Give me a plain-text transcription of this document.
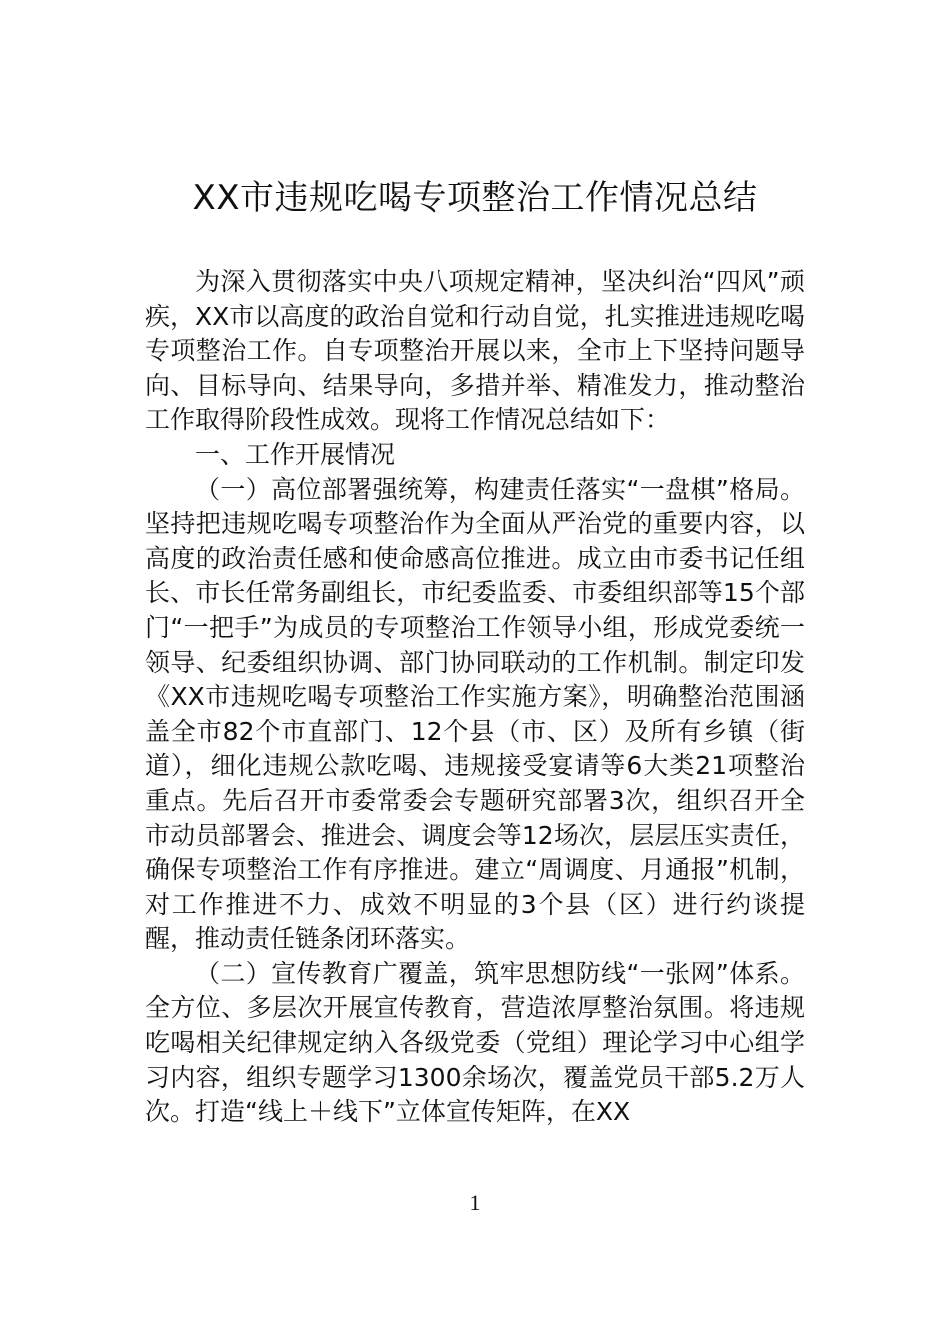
XX市违规吃喝专项整治工作情况总结

为深入贯彻落实中央八项规定精神，坚决纠治“四风”顽疾，XX市以高度的政治自觉和行动自觉，扎实推进违规吃喝专项整治工作。自专项整治开展以来，全市上下坚持问题导向、目标导向、结果导向，多措并举、精准发力，推动整治工作取得阶段性成效。现将工作情况总结如下：

一、工作开展情况

（一）高位部署强统筹，构建责任落实“一盘棋”格局。坚持把违规吃喝专项整治作为全面从严治党的重要内容，以高度的政治责任感和使命感高位推进。成立由市委书记任组长、市长任常务副组长，市纪委监委、市委组织部等15个部门“一把手”为成员的专项整治工作领导小组，形成党委统一领导、纪委组织协调、部门协同联动的工作机制。制定印发《XX市违规吃喝专项整治工作实施方案》，明确整治范围涵盖全市82个市直部门、12个县（市、区）及所有乡镇（街道），细化违规公款吃喝、违规接受宴请等6大类21项整治重点。先后召开市委常委会专题研究部署3次，组织召开全市动员部署会、推进会、调度会等12场次，层层压实责任，确保专项整治工作有序推进。建立“周调度、月通报”机制，对工作推进不力、成效不明显的3个县（区）进行约谈提醒，推动责任链条闭环落实。

（二）宣传教育广覆盖，筑牢思想防线“一张网”体系。全方位、多层次开展宣传教育，营造浓厚整治氛围。将违规吃喝相关纪律规定纳入各级党委（党组）理论学习中心组学习内容，组织专题学习1300余场次，覆盖党员干部5.2万人次。打造“线上＋线下”立体宣传矩阵，在XX

1
